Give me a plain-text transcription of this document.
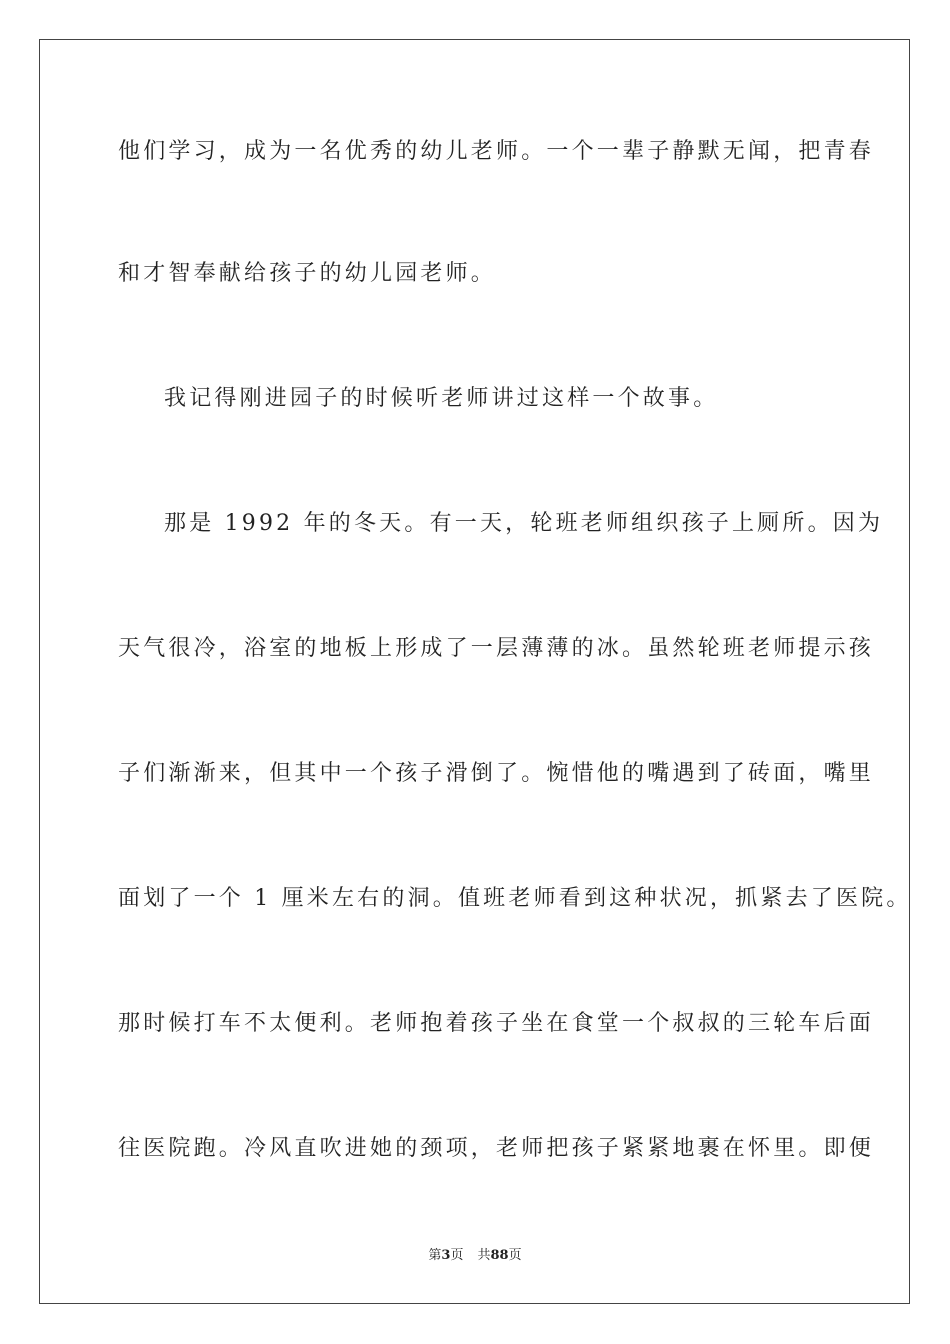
他们学习，成为一名优秀的幼儿老师。一个一辈子静默无闻，把青春
和才智奉献给孩子的幼儿园老师。
我记得刚进园子的时候听老师讲过这样一个故事。
那是 1992 年的冬天。有一天，轮班老师组织孩子上厕所。因为
天气很冷，浴室的地板上形成了一层薄薄的冰。虽然轮班老师提示孩
子们渐渐来，但其中一个孩子滑倒了。惋惜他的嘴遇到了砖面，嘴里
面划了一个 1 厘米左右的洞。值班老师看到这种状况，抓紧去了医院。
那时候打车不太便利。老师抱着孩子坐在食堂一个叔叔的三轮车后面
往医院跑。冷风直吹进她的颈项，老师把孩子紧紧地裹在怀里。即便
第3页 共88页
